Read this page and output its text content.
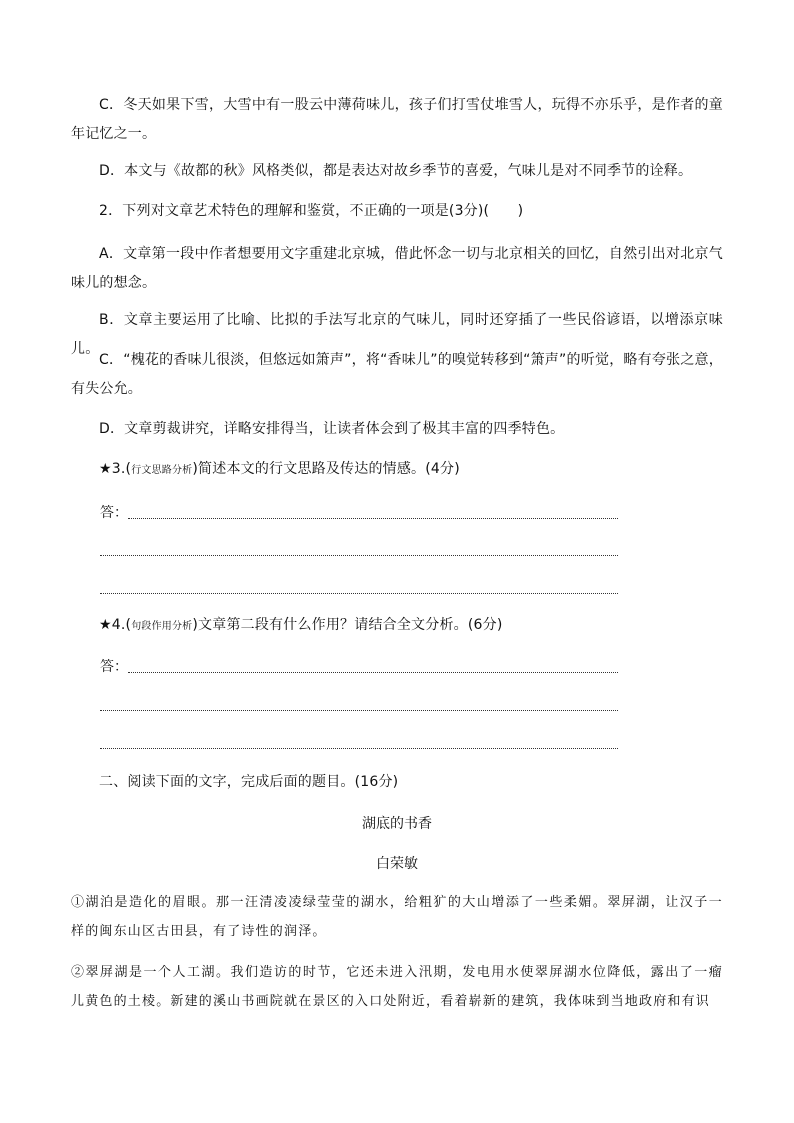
C．冬天如果下雪，大雪中有一股云中薄荷味儿，孩子们打雪仗堆雪人，玩得不亦乐乎，是作者的童年记忆之一。

D．本文与《故都的秋》风格类似，都是表达对故乡季节的喜爱，气味儿是对不同季节的诠释。

2．下列对文章艺术特色的理解和鉴赏，不正确的一项是(3分)(　　)

A．文章第一段中作者想要用文字重建北京城，借此怀念一切与北京相关的回忆，自然引出对北京气味儿的想念。

B．文章主要运用了比喻、比拟的手法写北京的气味儿，同时还穿插了一些民俗谚语，以增添京味儿。

C．“槐花的香味儿很淡，但悠远如箫声”，将“香味儿”的嗅觉转移到“箫声”的听觉，略有夸张之意，有失公允。

D．文章剪裁讲究，详略安排得当，让读者体会到了极其丰富的四季特色。

★3.(行文思路分析)简述本文的行文思路及传达的情感。(4分)

答：

★4.(句段作用分析)文章第二段有什么作用？请结合全文分析。(6分)

答：

二、阅读下面的文字，完成后面的题目。(16分)

湖底的书香
白荣敏

①湖泊是造化的眉眼。那一汪清凌凌绿莹莹的湖水，给粗犷的大山增添了一些柔媚。翠屏湖，让汉子一样的闽东山区古田县，有了诗性的润泽。

②翠屏湖是一个人工湖。我们造访的时节，它还未进入汛期，发电用水使翠屏湖水位降低，露出了一瘤儿黄色的土棱。新建的溪山书画院就在景区的入口处附近，看着崭新的建筑，我体味到当地政府和有识
